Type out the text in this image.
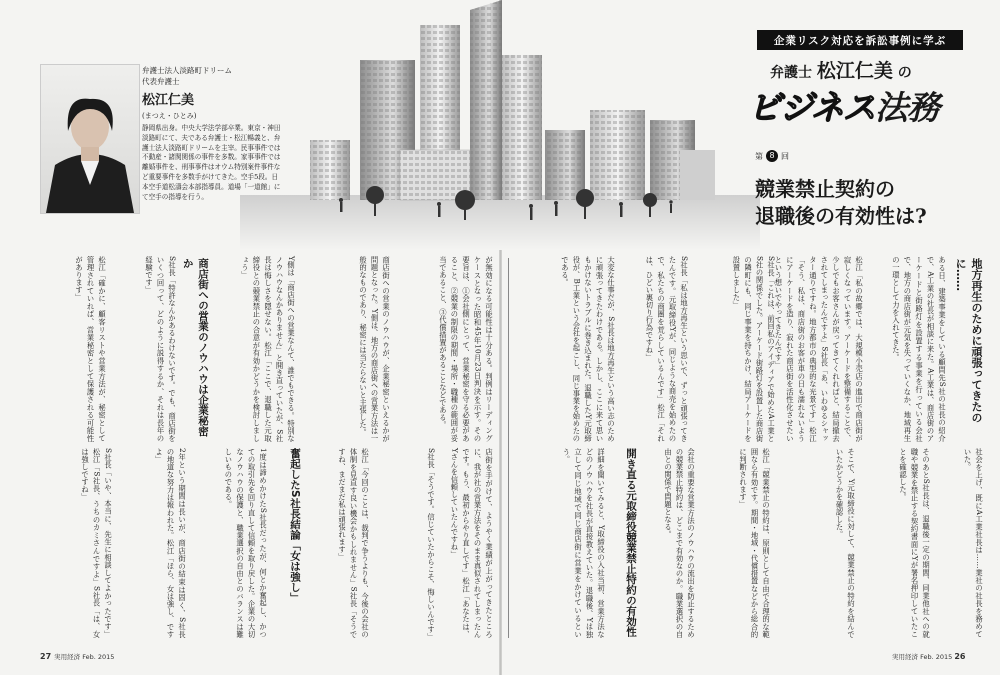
弁護士法人淡路町ドリーム
代表弁護士
松江仁美
(まつえ・ひとみ)
静岡県出身。中央大学法学部卒業。東京・神田淡路町にて、夫である弁護士・松江暢義と、弁護士法人淡路町ドリームを主宰。民事事件では不動産・諸関関係の事件を多数。家事事件では離婚事件を、刑事事件はオウム特別案件事件など重要事件を多数手がけてきた。空手5段。日本空手道松濤会本部指導員。道場「一道館」にて空手の指導を行う。
企業リスク対応を訴訟事例に学ぶ
弁護士 松江仁美 の
ビジネス法務
第 8 回
競業禁止契約の
退職後の有効性は?
地方再生のために頑張ってきたのに……
ある日、建築事業をしている顧問先S社の社長の紹介で、A工業の社長が相談に来た。A工業は、商店街のアーケードと街路灯を設置する事業を行っている会社で、地方の商店街が元気を失っていくなか、地域再生の一環として力を入れてきた。
松江「私の故郷では、大規模小売店の進出で商店街が寂しくなっています。アーケードを整備することで、少しでもお客さんが戻ってきてくれればと、結局撤去されてしまったんですよ」S社長「あ、いわゆるシャッター通りですね。地方都市の典型的な光景です」松江「そう、私は、商店街のお客が車の日も濡れないようにアーケードを造り、寂れた商店街を活性化させたいという想いでやってきたんです」
S社長「これは、前回私のアイディアで始めたA工業とS社の関係でした。アーケード街路灯を設置した商店街の隣町にも、同じ事業を持ちかけ、結局アーケードを設置しました」
S社長「私は地方再生という思いで、ずっと頑張ってきたんです。元取締役Yが、同じような商売を始めたので、私たちの商圏を荒らしているんです」松江「それは、ひどい裏切り行為ですね」
大変な仕事だが、S社長は地方再生という高い志のために頑張ってきたわけである。しかし、ここに来て思いもかけないトラブルに巻き込まれた。退職したY元取締役が、B工業という会社を起こし、同じ事業を始めたのである。
社会を上げ、既にA工業社長は……業社の社長を務めていた。
そのあとS社長は、退職後一定の期間、同業他社への就職や競業を禁止する契約書面にYが署名押印していたことを確認した。
そこで、Y元取締役に対して、競業禁止の特約を結んでいたかどうかを確認した。
松江「競業禁止の特約は、原則として自由で合理的な範囲なら有効です。期間・地域・代償措置などから総合的に判断されます」
会社の重要な営業方法のノウハウの流出を防止するための競業禁止特約は、どこまで有効なのか。職業選択の自由との関係で問題となる。
開き直る元取締役競業禁止特約の有効性
詳細を聞いてみると、Y取締役の入社当初、営業方法などのノウハウを社長が直接教えていた。退職後、Yは独立して同じ地域で同じ商店街に営業をかけているという。
が無効になる可能性は十分ある。判例はリーディングケースとなった昭和45年10月23日判決を示す。その要旨は、①会社側にとって、営業秘密を守る必要があること、②競業の制限の期間・場所・職種の範囲が妥当であること、③代償措置があることなどである。
商店街への営業のノウハウが、企業秘密といえるかが問題となった。Y側は、地方の商店街への営業方法は一般的なものであり、秘密には当たらないと主張した。
Y側は「商店街への営業なんて、誰でもできる。特別なノウハウなんかありません」と開き直っていたが、S社長は悔しさを隠せない。松江「ここで、退職した元取締役との競業禁止の合意が有効かどうかを検討しましょう」
商店街への営業のノウハウは企業秘密か
S社長「特許なんかあるわけないです。でも、商店街をいくつ回って、どのように説得するか、それは長年の経験です」
松江「確かに、顧客リストや営業方法が、秘密として管理されていれば、営業秘密として保護される可能性があります」
店街を手がけて、ようやく業績が上がってきたところに、我が社の営業方法をそのまま真似されてしまったんです。もう、最初からやり直しです」松江「あなたは、Yさんを信頼していたんですね」
S社長「そうです。信じていたからこそ、悔しいんです」
松江「今回のことは、裁判で争うよりも、今後の会社の体制を見直す良い機会かもしれません」S社長「そうですね、まだまだ私は頑張れます」
奮起したS社長結論「女は強し」
1度は諦めかけたS社長だったが、何とか奮起し、かつての取引先を回り直して信頼を取り戻した。企業の大切なノウハウの保護と、職業選択の自由とのバランスは難しいものである。
2年という期間は長いが、商店街の結束は固く、S社長の地道な努力は報われた。松江「ほら、女は強し、ですよ」
S社長「いや、本当に、先生に相談してよかったです」松江「S社長、うちのカミさんですよ」S社長「は、女は強しですね」
27 実用経済 Feb. 2015	実用経済 Feb. 2015 26
